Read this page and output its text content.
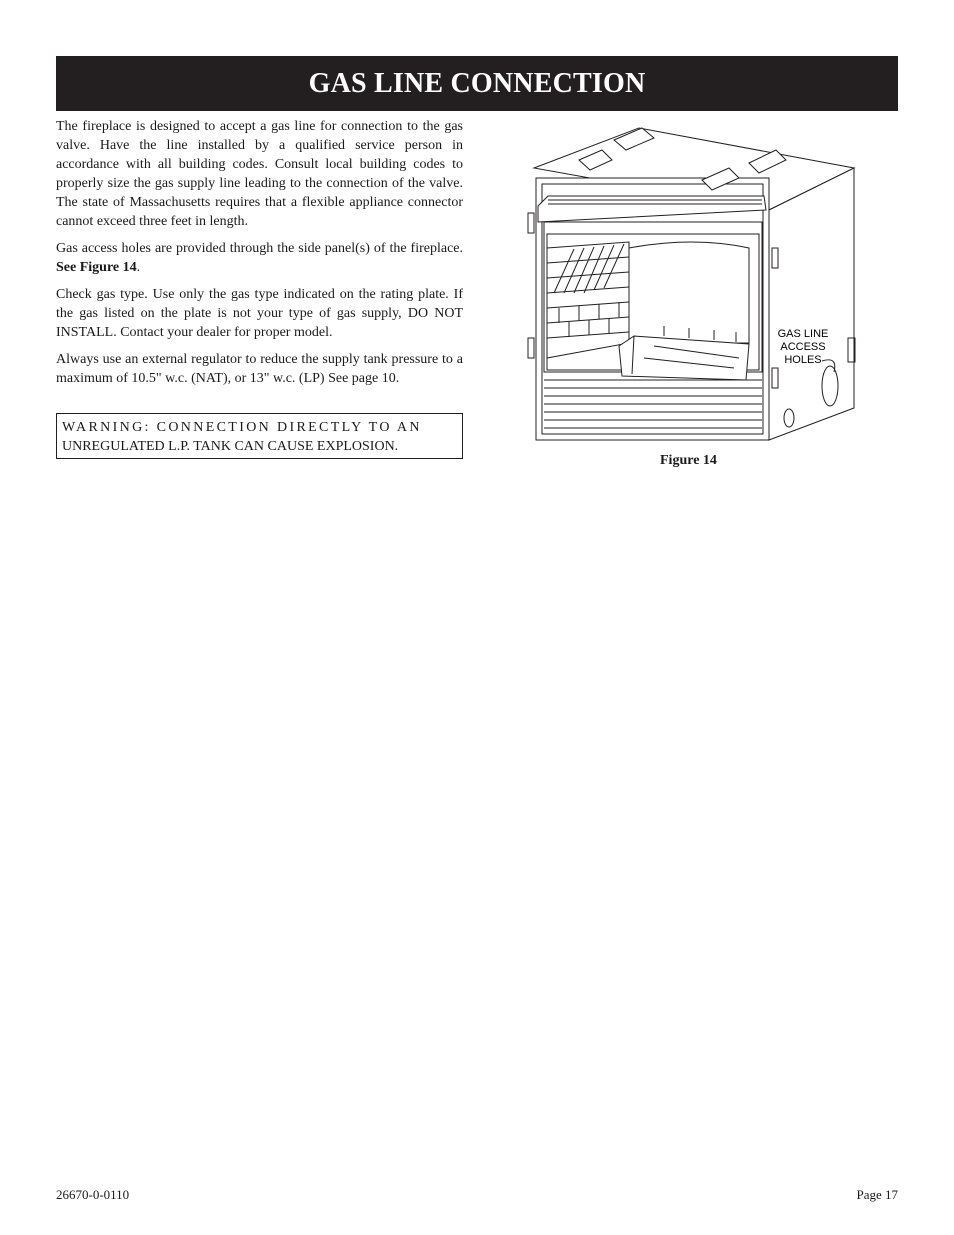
GAS LINE CONNECTION

The fireplace is designed to accept a gas line for connection to the gas valve. Have the line installed by a qualified service person in accordance with all building codes. Consult local building codes to properly size the gas supply line leading to the connection of the valve. The state of Massachusetts requires that a flexible appliance connector cannot exceed three feet in length.

Gas access holes are provided through the side panel(s) of the fireplace. See Figure 14.

Check gas type. Use only the gas type indicated on the rating plate. If the gas listed on the plate is not your type of gas supply, DO NOT INSTALL. Contact your dealer for proper model.

Always use an external regulator to reduce the supply tank pressure to a maximum of 10.5" w.c. (NAT), or 13" w.c. (LP) See page 10.

WARNING: CONNECTION DIRECTLY TO AN
UNREGULATED L.P. TANK CAN CAUSE EXPLOSION.
GAS LINE
ACCESS
HOLES
Figure 14
26670-0-0110	Page 17
